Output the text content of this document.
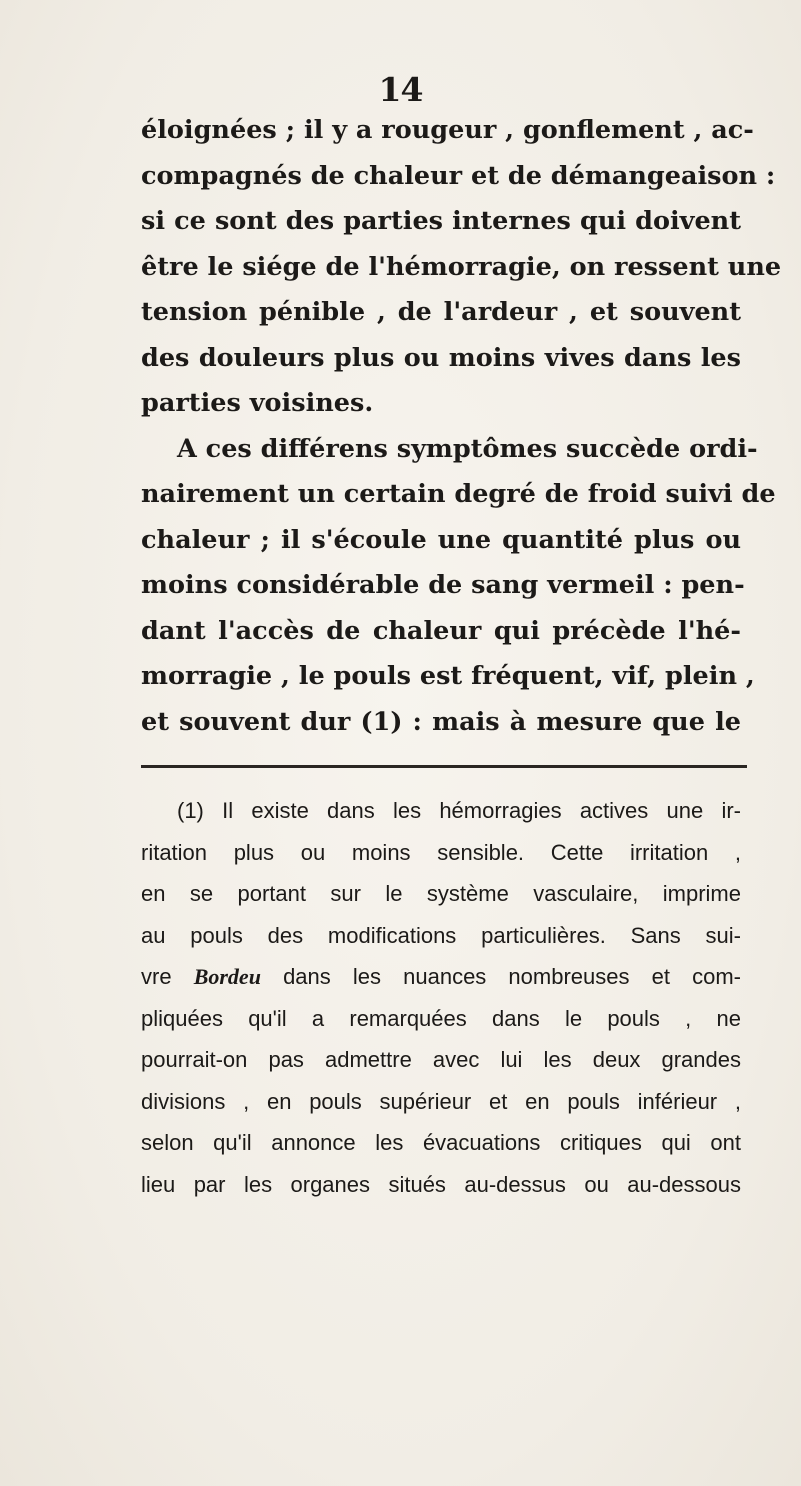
14
éloignées ; il y a rougeur , gonflement , ac-
compagnés de chaleur et de démangeaison :
si ce sont des parties internes qui doivent
être le siége de l'hémorragie, on ressent une
tension pénible , de l'ardeur , et souvent
des douleurs plus ou moins vives dans les
parties voisines.
A ces différens symptômes succède ordi-
nairement un certain degré de froid suivi de
chaleur ; il s'écoule une quantité plus ou
moins considérable de sang vermeil : pen-
dant l'accès de chaleur qui précède l'hé-
morragie , le pouls est fréquent, vif, plein ,
et souvent dur (1) : mais à mesure que le
(1) Il existe dans les hémorragies actives une ir-
ritation plus ou moins sensible. Cette irritation ,
en se portant sur le système vasculaire, imprime
au pouls des modifications particulières. Sans sui-
vre Bordeu dans les nuances nombreuses et com-
pliquées qu'il a remarquées dans le pouls , ne
pourrait-on pas admettre avec lui les deux grandes
divisions , en pouls supérieur et en pouls inférieur ,
selon qu'il annonce les évacuations critiques qui ont
lieu par les organes situés au-dessus ou au-dessous
